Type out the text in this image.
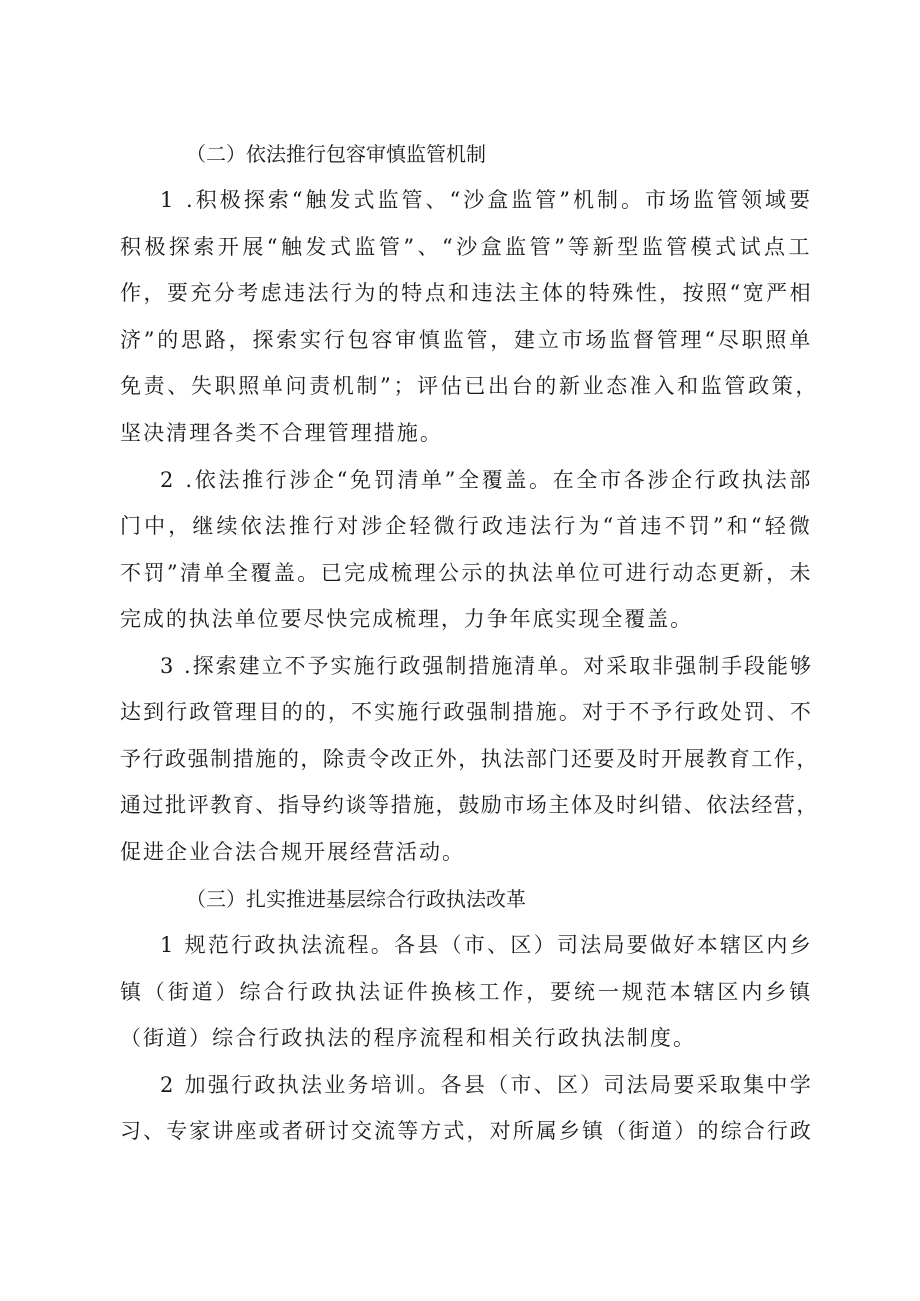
（二）依法推行包容审慎监管机制
1 .积极探索“触发式监管、“沙盒监管”机制。市场监管领域要
积极探索开展“触发式监管”、“沙盒监管”等新型监管模式试点工
作，要充分考虑违法行为的特点和违法主体的特殊性，按照“宽严相
济”的思路，探索实行包容审慎监管，建立市场监督管理“尽职照单
免责、失职照单问责机制”；评估已出台的新业态准入和监管政策，
坚决清理各类不合理管理措施。
2 .依法推行涉企“免罚清单”全覆盖。在全市各涉企行政执法部
门中，继续依法推行对涉企轻微行政违法行为“首违不罚”和“轻微
不罚”清单全覆盖。已完成梳理公示的执法单位可进行动态更新，未
完成的执法单位要尽快完成梳理，力争年底实现全覆盖。
3 .探索建立不予实施行政强制措施清单。对采取非强制手段能够
达到行政管理目的的，不实施行政强制措施。对于不予行政处罚、不
予行政强制措施的，除责令改正外，执法部门还要及时开展教育工作，
通过批评教育、指导约谈等措施，鼓励市场主体及时纠错、依法经营，
促进企业合法合规开展经营活动。
（三）扎实推进基层综合行政执法改革
1 规范行政执法流程。各县（市、区）司法局要做好本辖区内乡
镇（街道）综合行政执法证件换核工作，要统一规范本辖区内乡镇
（街道）综合行政执法的程序流程和相关行政执法制度。
2 加强行政执法业务培训。各县（市、区）司法局要采取集中学
习、专家讲座或者研讨交流等方式，对所属乡镇（街道）的综合行政
